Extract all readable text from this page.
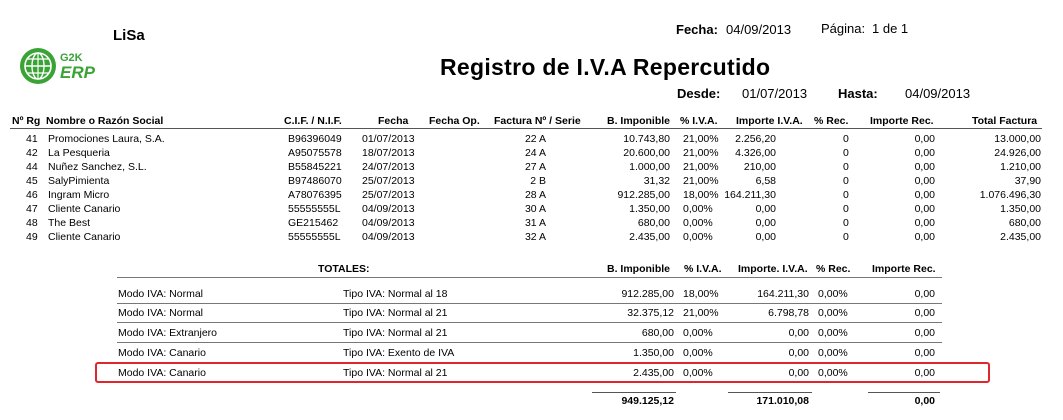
LiSa	Fecha: 04/09/2013 Página: 1 de 1
G2K
ERP	Registro de I.V.A Repercutido
Desde: 01/07/2013 Hasta: 04/09/2013
Nº Rg Nombre o Razón Social	C.I.F. / N.I.F.	Fecha Fecha Op. Factura Nº / Serie	B. Imponible % I.V.A. Importe I.V.A. % Rec. Importe Rec.	Total Factura
41 Promociones Laura, S.A.	B96396049 01/07/2013	22 A	10.743,80 21,00% 2.256,20	0	0,00	13.000,00
42 La Pesqueria	A95075578 18/07/2013	24 A	20.600,00 21,00% 4.326,00	0	0,00	24.926,00
44 Nuñez Sanchez, S.L.	B55845221 24/07/2013	27 A	1.000,00 21,00% 210,00	0	0,00	1.210,00
45 SalyPimienta	B97486070 25/07/2013	2 B	31,32 21,00%	6,58	0	0,00	37,90
46 Ingram Micro	A78076395 25/07/2013	28 A	912.285,00 18,00% 164.211,30	0	0,00	1.076.496,30
47 Cliente Canario	55555555L 04/09/2013	30 A	1.350,00 0,00%	0,00	0	0,00	1.350,00
48 The Best	GE215462 04/09/2013	31 A	680,00 0,00%	0,00	0	0,00	680,00
49 Cliente Canario	55555555L 04/09/2013	32 A	2.435,00 0,00%	0,00	0	0,00	2.435,00
TOTALES:	B. Imponible % I.V.A. Importe. I.V.A. % Rec. Importe Rec.
Modo IVA: Normal	Tipo IVA: Normal al 18	912.285,00 18,00%	164.211,30 0,00%	0,00
Modo IVA: Normal	Tipo IVA: Normal al 21	32.375,12 21,00%	6.798,78 0,00%	0,00
Modo IVA: Extranjero	Tipo IVA: Normal al 21	680,00 0,00%	0,00 0,00%	0,00
Modo IVA: Canario	Tipo IVA: Exento de IVA	1.350,00 0,00%	0,00 0,00%	0,00
Modo IVA: Canario	Tipo IVA: Normal al 21	2.435,00 0,00%	0,00 0,00%	0,00
949.125,12	171.010,08	0,00
